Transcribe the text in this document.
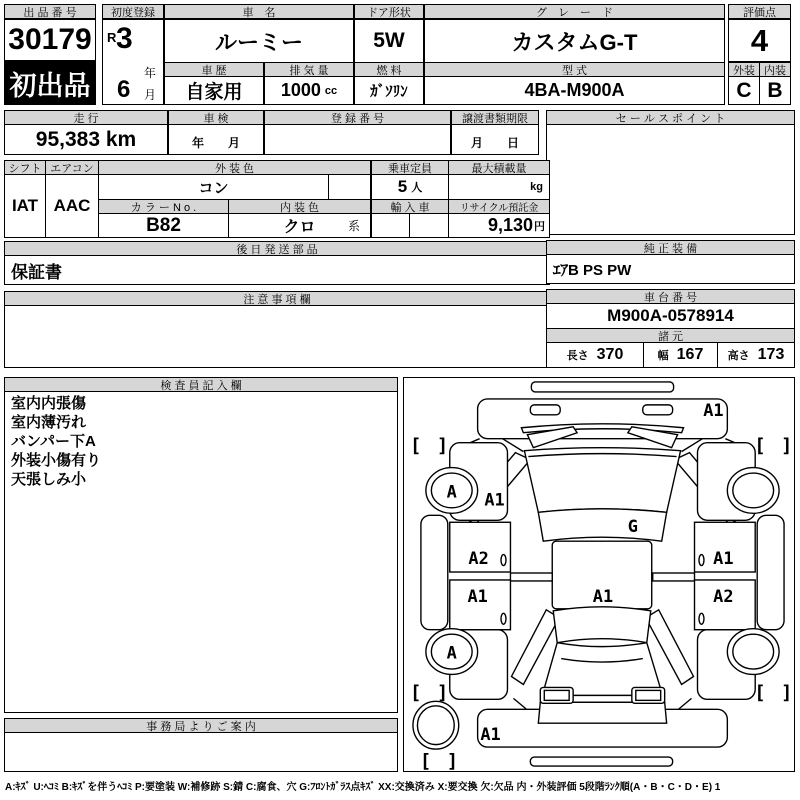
出 品 番 号
30179
初出品
初度登録
R 3
年
6 月
車　名
ルーミー
ドア形状
5W
グ　レ　ー　ド
カスタムG-T
車 歴
自家用
排 気 量
1000 cc
燃 料
ｶﾞｿﾘﾝ
型 式
4BA-M900A
評価点
4
外装 内装
C B
走 行
95,383 km
車 検
年　　月
登 録 番 号	譲渡書類期限
月　　日
セ ー ル ス ポ イ ン ト
シフト エアコン
IAT AAC
外 装 色
コン
乗車定員
5 人
最大積載量
kg
カ ラ ー N o .
B82
内 装 色
クロ	系
輸 入 車	リサイクル預託金
9,130 円
後 日 発 送 部 品
保証書
純 正 装 備
ｴｱB PS PW
注 意 事 項 欄	車 台 番 号
M900A-0578914
諸 元
長さ 370	幅 167 高さ 173
検 査 員 記 入 欄
室内内張傷
室内薄汚れ
バンパー下A
外装小傷有り
天張しみ小
事 務 局 よ り ご 案 内
A1
A A1
G
A2
A1	A1
A
A1
A2
A1
[ ]	[ ]
[ ]	[ ]
[ ]
A:ｷｽﾞ U:ﾍｺﾐ B:ｷｽﾞを伴うﾍｺﾐ P:要塗装 W:補修跡 S:錆 C:腐食、穴 G:ﾌﾛﾝﾄｶﾞﾗｽ点ｷｽﾞ XX:交換済み X:要交換 欠:欠品 内・外装評価 5段階ﾗﾝｸ順(A・B・C・D・E) 1
